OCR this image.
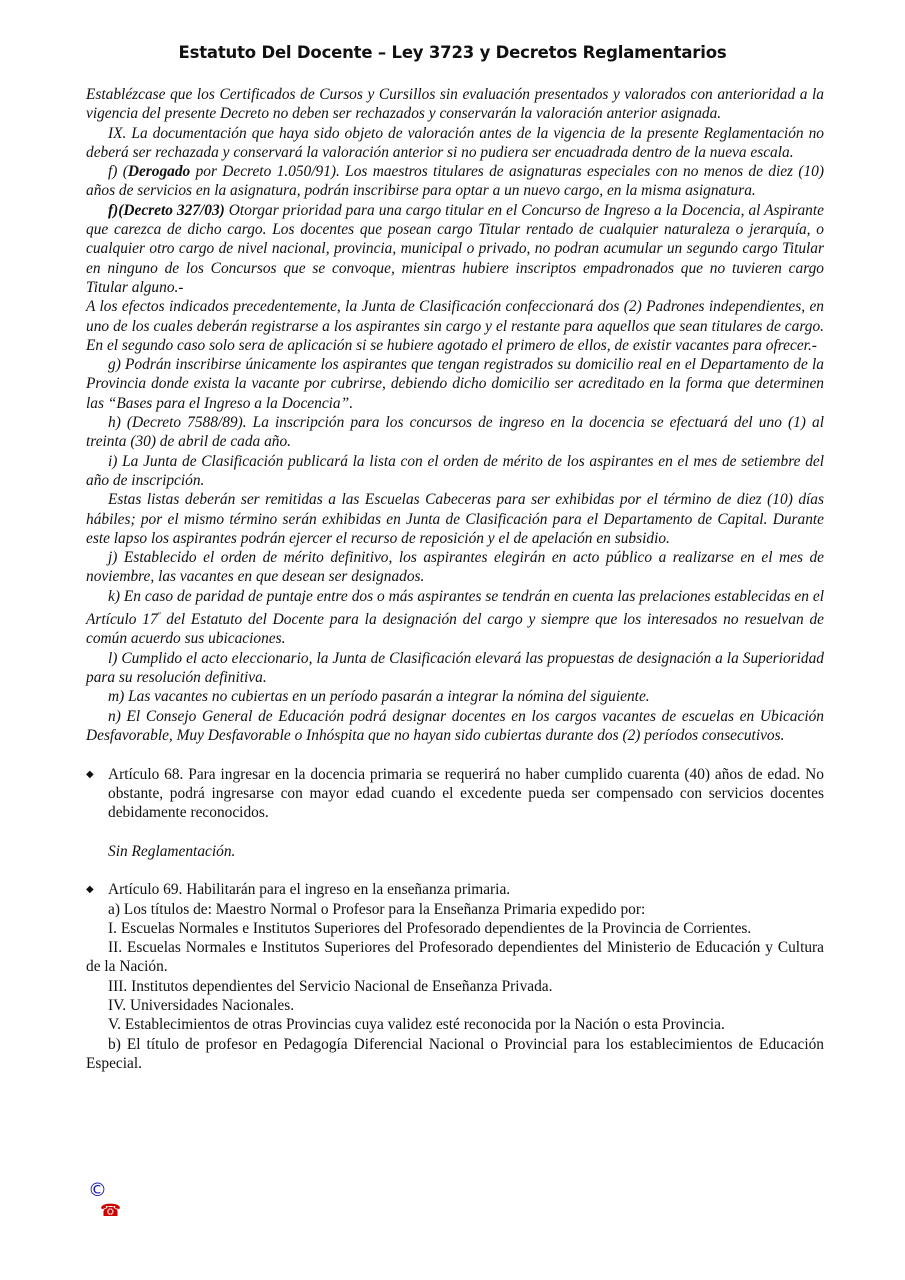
Estatuto Del Docente – Ley 3723 y Decretos Reglamentarios

Establézcase que los Certificados de Cursos y Cursillos sin evaluación presentados y valorados con anterioridad a la vigencia del presente Decreto no deben ser rechazados y conservarán la valoración anterior asignada.

IX. La documentación que haya sido objeto de valoración antes de la vigencia de la presente Reglamentación no deberá ser rechazada y conservará la valoración anterior si no pudiera ser encuadrada dentro de la nueva escala.

f) (Derogado por Decreto 1.050/91). Los maestros titulares de asignaturas especiales con no menos de diez (10) años de servicios en la asignatura, podrán inscribirse para optar a un nuevo cargo, en la misma asignatura.

f)(Decreto 327/03) Otorgar prioridad para una cargo titular en el Concurso de Ingreso a la Docencia, al Aspirante que carezca de dicho cargo. Los docentes que posean cargo Titular rentado de cualquier naturaleza o jerarquía, o cualquier otro cargo de nivel nacional, provincia, municipal o privado, no podran acumular un segundo cargo Titular en ninguno de los Concursos que se convoque, mientras hubiere inscriptos empadronados que no tuvieren cargo Titular alguno.-

A los efectos indicados precedentemente, la Junta de Clasificación confeccionará dos (2) Padrones independientes, en uno de los cuales deberán registrarse a los aspirantes sin cargo y el restante para aquellos que sean titulares de cargo. En el segundo caso solo sera de aplicación si se hubiere agotado el primero de ellos, de existir vacantes para ofrecer.-

g) Podrán inscribirse únicamente los aspirantes que tengan registrados su domicilio real en el Departamento de la Provincia donde exista la vacante por cubrirse, debiendo dicho domicilio ser acreditado en la forma que determinen las “Bases para el Ingreso a la Docencia”.

h) (Decreto 7588/89). La inscripción para los concursos de ingreso en la docencia se efectuará del uno (1) al treinta (30) de abril de cada año.

i) La Junta de Clasificación publicará la lista con el orden de mérito de los aspirantes en el mes de setiembre del año de inscripción.

Estas listas deberán ser remitidas a las Escuelas Cabeceras para ser exhibidas por el término de diez (10) días hábiles; por el mismo término serán exhibidas en Junta de Clasificación para el Departamento de Capital. Durante este lapso los aspirantes podrán ejercer el recurso de reposición y el de apelación en subsidio.

j) Establecido el orden de mérito definitivo, los aspirantes elegirán en acto público a realizarse en el mes de noviembre, las vacantes en que desean ser designados.

k) En caso de paridad de puntaje entre dos o más aspirantes se tendrán en cuenta las prelaciones establecidas en el Artículo $17^º$ del Estatuto del Docente para la designación del cargo y siempre que los interesados no resuelvan de común acuerdo sus ubicaciones.

l) Cumplido el acto eleccionario, la Junta de Clasificación elevará las propuestas de designación a la Superioridad para su resolución definitiva.

m) Las vacantes no cubiertas en un período pasarán a integrar la nómina del siguiente.

n) El Consejo General de Educación podrá designar docentes en los cargos vacantes de escuelas en Ubicación Desfavorable, Muy Desfavorable o Inhóspita que no hayan sido cubiertas durante dos (2) períodos consecutivos.

◆ Artículo 68. Para ingresar en la docencia primaria se requerirá no haber cumplido cuarenta (40) años de edad. No obstante, podrá ingresarse con mayor edad cuando el excedente pueda ser compensado con servicios docentes debidamente reconocidos.

Sin Reglamentación.

◆ Artículo 69. Habilitarán para el ingreso en la enseñanza primaria.

a) Los títulos de: Maestro Normal o Profesor para la Enseñanza Primaria expedido por:

I. Escuelas Normales e Institutos Superiores del Profesorado dependientes de la Provincia de Corrientes.

II. Escuelas Normales e Institutos Superiores del Profesorado dependientes del Ministerio de Educación y Cultura de la Nación.

III. Institutos dependientes del Servicio Nacional de Enseñanza Privada.

IV. Universidades Nacionales.

V. Establecimientos de otras Provincias cuya validez esté reconocida por la Nación o esta Provincia.

b) El título de profesor en Pedagogía Diferencial Nacional o Provincial para los establecimientos de Educación Especial.

©
☎
